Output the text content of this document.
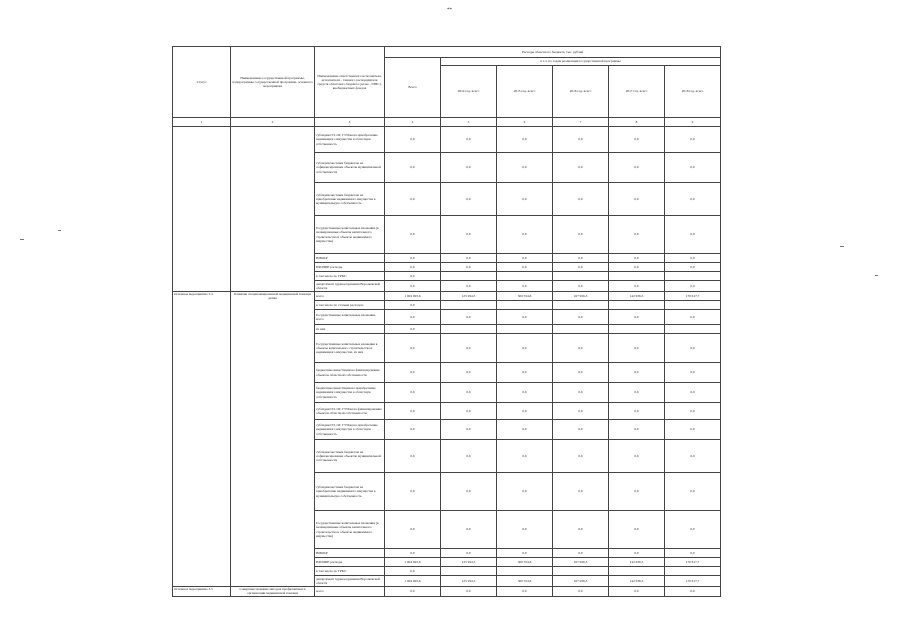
**
Статус	Наименование государственной программы, подпрограммы государственной программы, основного мероприятия	Наименование ответственного исполнителя, исполнителя - главного распорядителя средств областного бюджета (далее - ГРБС), внебюджетных фондов	Расходы областного бюджета, тыс. рублей					
			Всего	в т.ч. по годам реализации государственной программы				
				2014 год, всего	2015 год, всего	2016 год, всего	2017 год, всего	2018 год, всего
1	2	3	4	5	6	7	8	9
		субсидии ГП, ОГ, ГУПам на приобретение недвижимого имущества в областную собственность	0,0	0,0	0,0	0,0	0,0	0,0
		субсидии местным бюджетам на софинансирование объектов муниципальной собственности	0,0	0,0	0,0	0,0	0,0	0,0
		субсидии местным бюджетам на приобретение недвижимого имущества в муниципальную собственность	0,0	0,0	0,0	0,0	0,0	0,0
		Государственные капитальные вложения (в незавершенные объекты капитального строительства и объекты недвижимого имущества)	0,0	0,0	0,0	0,0	0,0	0,0
		НИОКР	0,0	0,0	0,0	0,0	0,0	0,0
		ПРОЧИЕ расходы	0,0	0,0	0,0	0,0	0,0	0,0
		в том числе по ГРБС:	0,0					
		департамент здравоохранения Воронежской области	0,0	0,0	0,0	0,0	0,0	0,0
Основное мероприятие 3.4	Развитие специализированной медицинской помощи детям	всего	1 004 093,6	125 294,5	300 554,6	167 956,3	142 936,5	170 617,7
		в том числе по статьям расходов:	0,0					
		Государственные капитальные вложения, всего	0,0	0,0	0,0	0,0	0,0	0,0
		из них	0,0					
		Государственные капитальные вложения в объекты капитального строительства и недвижимого имущества, из них	0,0	0,0	0,0	0,0	0,0	0,0
		бюджетные инвестиции на финансирование объектов областной собственности	0,0	0,0	0,0	0,0	0,0	0,0
		бюджетные инвестиции на приобретение недвижимого имущества в областную собственность	0,0	0,0	0,0	0,0	0,0	0,0
		субсидии ГП, ОГ, ГУПам на финансирование объектов областной собственности	0,0	0,0	0,0	0,0	0,0	0,0
		субсидии ГП, ОГ, ГУПам на приобретение недвижимого имущества в областную собственность	0,0	0,0	0,0	0,0	0,0	0,0
		субсидии местным бюджетам на софинансирование объектов муниципальной собственности	0,0	0,0	0,0	0,0	0,0	0,0
		субсидии местным бюджетам на приобретение недвижимого имущества в муниципальную собственность	0,0	0,0	0,0	0,0	0,0	0,0
		Государственные капитальные вложения (в незавершенные объекты капитального строительства и объекты недвижимого имущества)	0,0	0,0	0,0	0,0	0,0	0,0
		НИОКР	0,0	0,0	0,0	0,0	0,0	0,0
		ПРОЧИЕ расходы	1 004 093,6	125 294,5	300 554,6	167 956,3	142 936,5	170 617,7
		в том числе по ГРБС:	0,0					
		департамент здравоохранения Воронежской области	1 004 093,6	125 294,5	300 554,6	167 956,3	142 936,5	170 617,7
Основное мероприятие 3.5	Совершенствование методов профилактики и организации медицинской помощи	всего	0,0	0,0	0,0	0,0	0,0	0,0
